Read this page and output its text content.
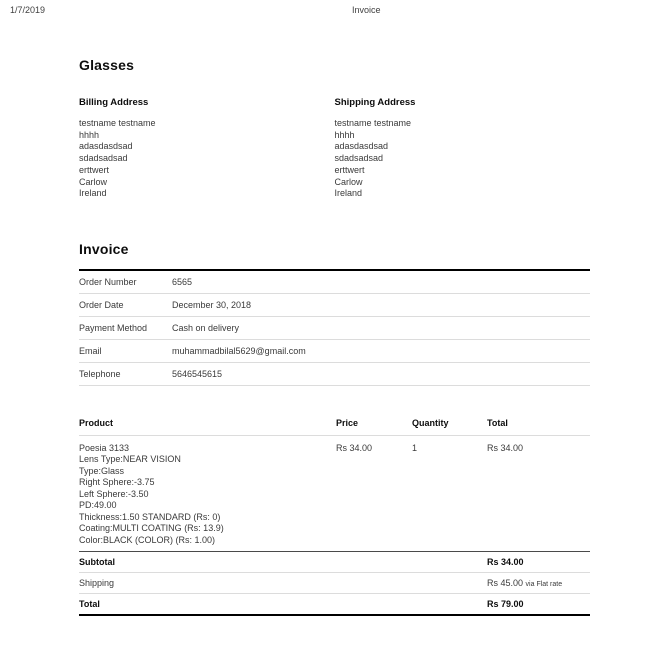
1/7/2019	Invoice
Glasses
Billing Address
testname testname
hhhh
adasdasdsad
sdadsadsad
erttwert
Carlow
Ireland
Shipping Address
testname testname
hhhh
adasdasdsad
sdadsadsad
erttwert
Carlow
Ireland
Invoice
Order Number	6565
Order Date	December 30, 2018
Payment Method	Cash on delivery
Email	muhammadbilal5629@gmail.com
Telephone	5646545615
Product	Price	Quantity	Total

Poesia 3133
Lens Type:NEAR VISION
Type:Glass
Right Sphere:-3.75
Left Sphere:-3.50
PD:49.00
Thickness:1.50 STANDARD (Rs: 0)
Coating:MULTI COATING (Rs: 13.9)
Color:BLACK (COLOR) (Rs: 1.00)
	Rs 34.00	1	Rs 34.00
Subtotal			Rs 34.00
Shipping			Rs 45.00 via Flat rate
Total			Rs 79.00
